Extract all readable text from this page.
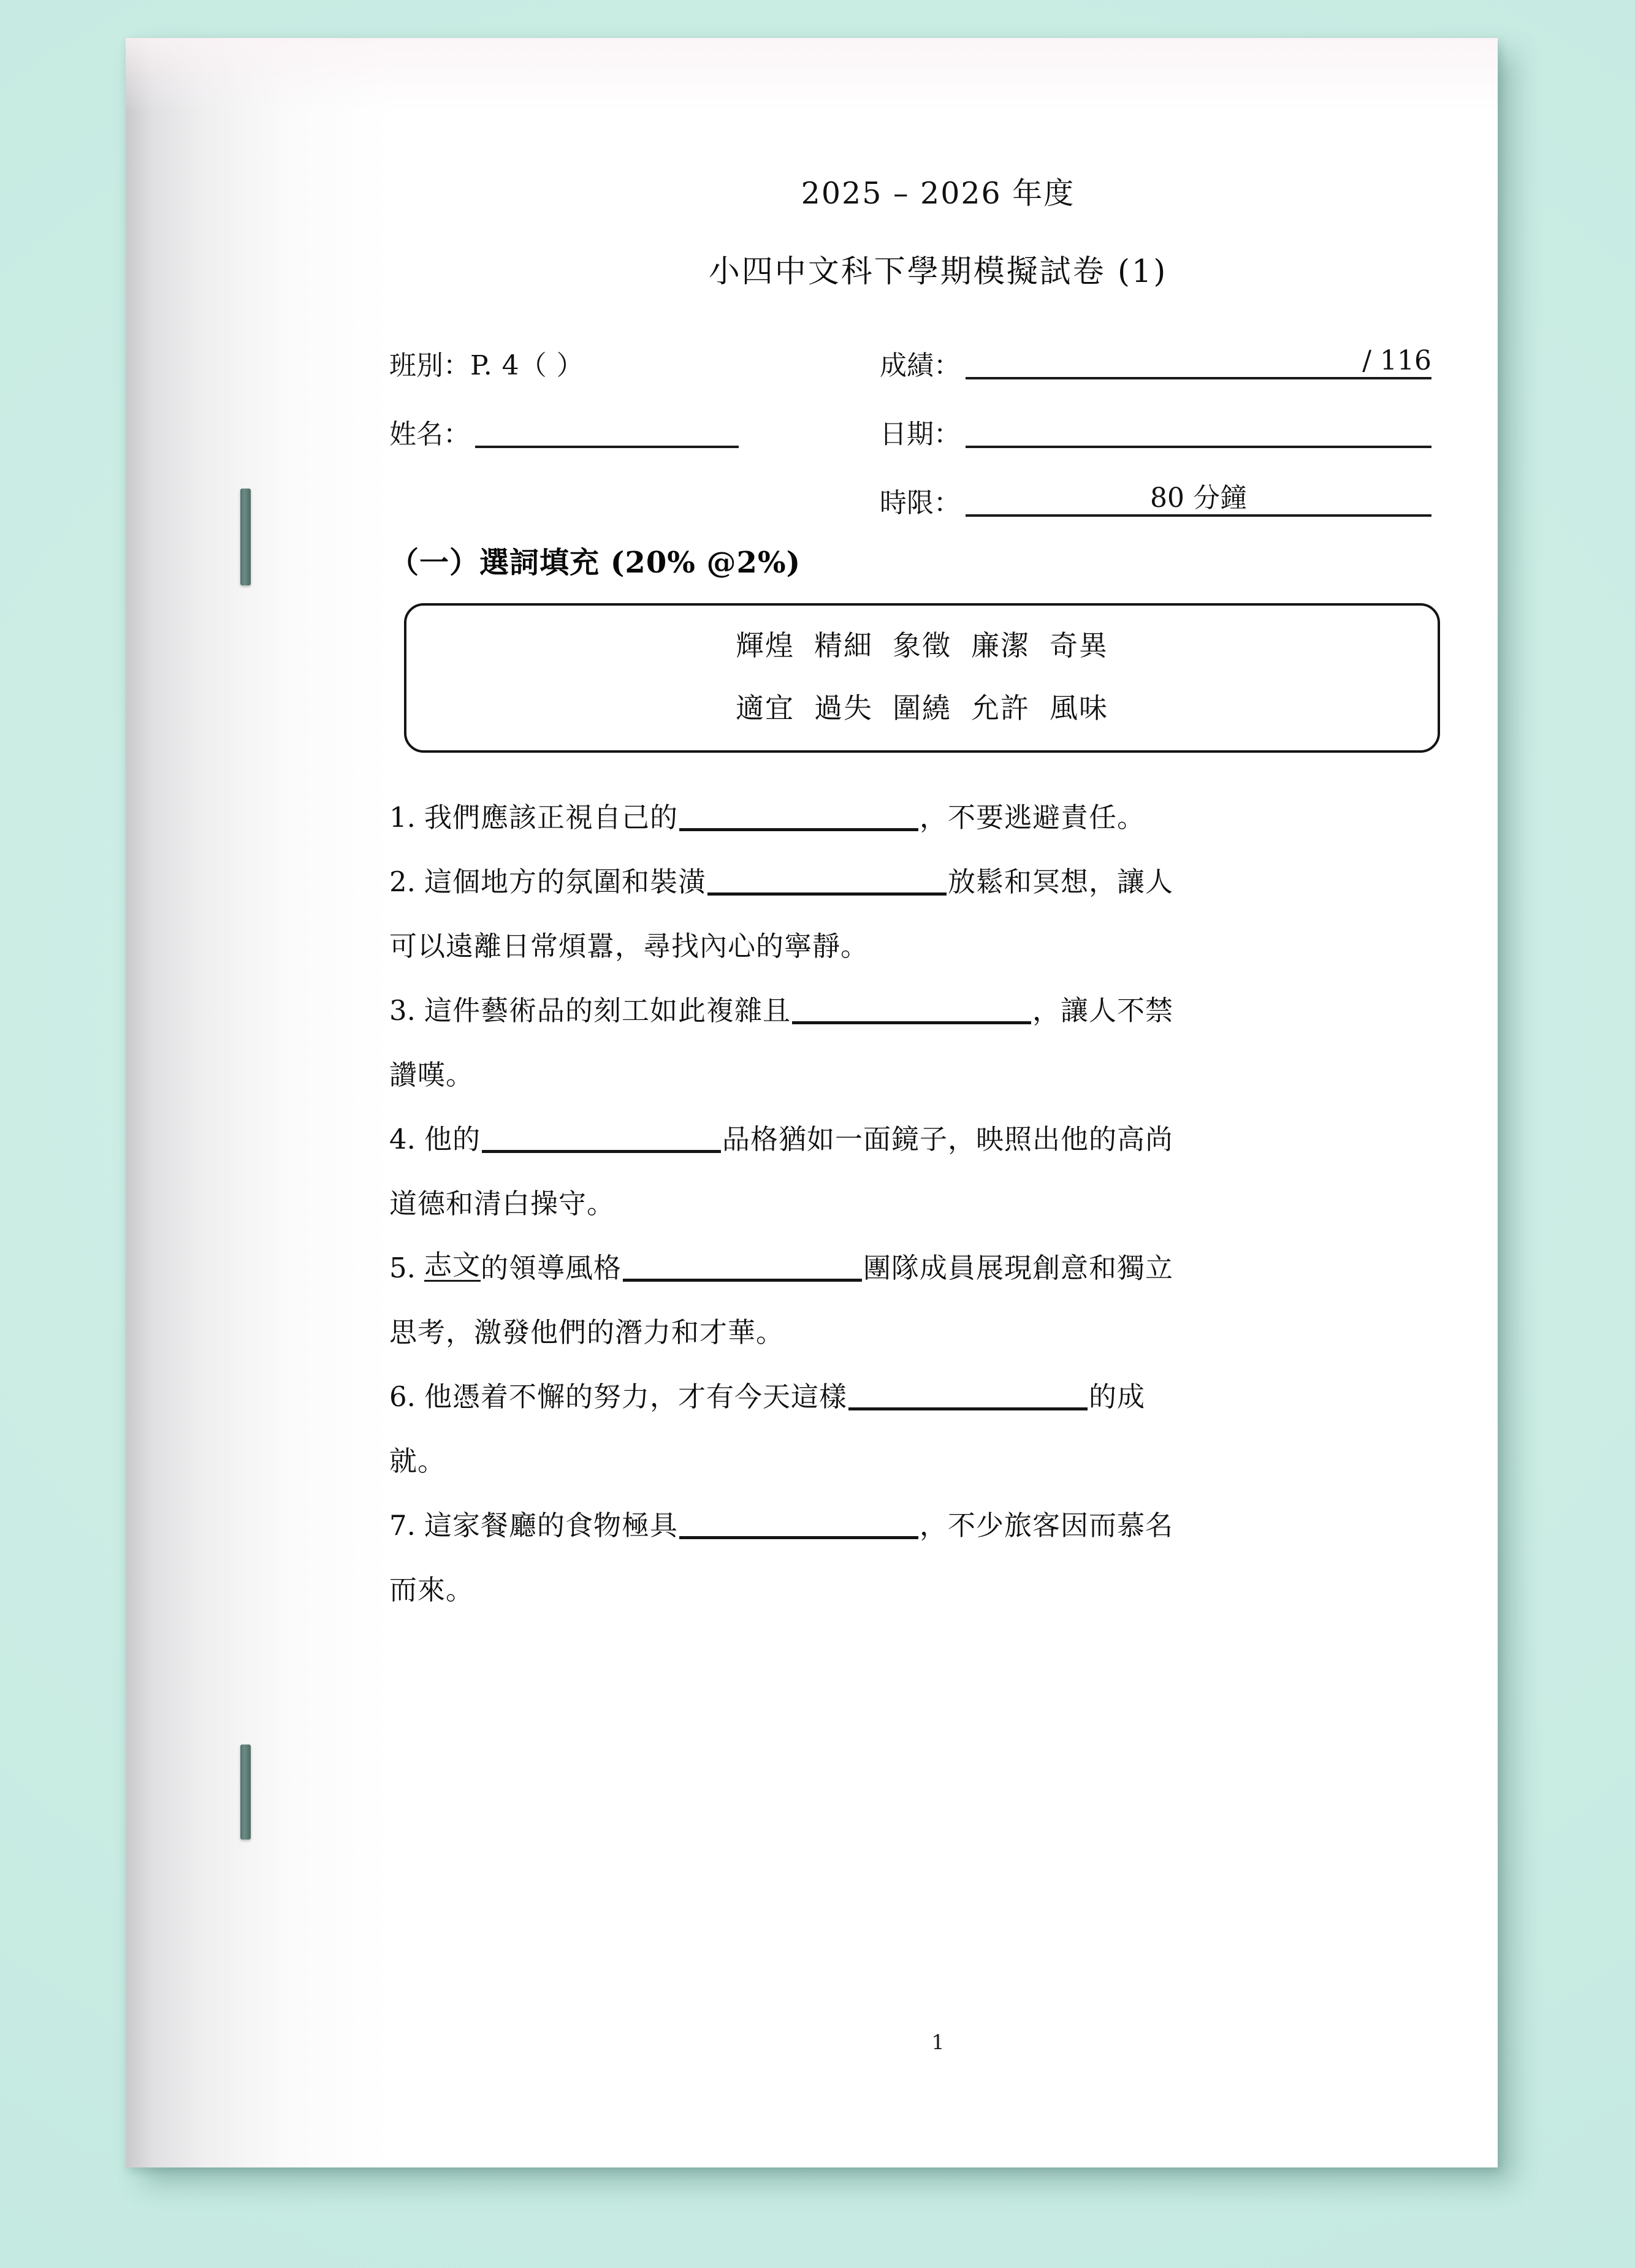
2025 – 2026 年度
小四中文科下學期模擬試卷 (1)
班別： P. 4（ ）
姓名：
成績：	/ 116
日期：
時限：	80 分鐘
（一）選詞填充 (20% @2%)
輝煌 精細 象徵 廉潔 奇異
適宜 過失 圍繞 允許 風味
1. 我們應該正視自己的	，不要逃避責任。
2. 這個地方的氛圍和裝潢	放鬆和冥想，讓人
可以遠離日常煩囂，尋找內心的寧靜。
3. 這件藝術品的刻工如此複雜且	，讓人不禁
讚嘆。
4. 他的	品格猶如一面鏡子，映照出他的高尚
道德和清白操守。
5. 志文 的領導風格	團隊成員展現創意和獨立
思考，激發他們的潛力和才華。
6. 他憑着不懈的努力，才有今天這樣	的成
就。
7. 這家餐廳的食物極具	，不少旅客因而慕名
而來。
1
